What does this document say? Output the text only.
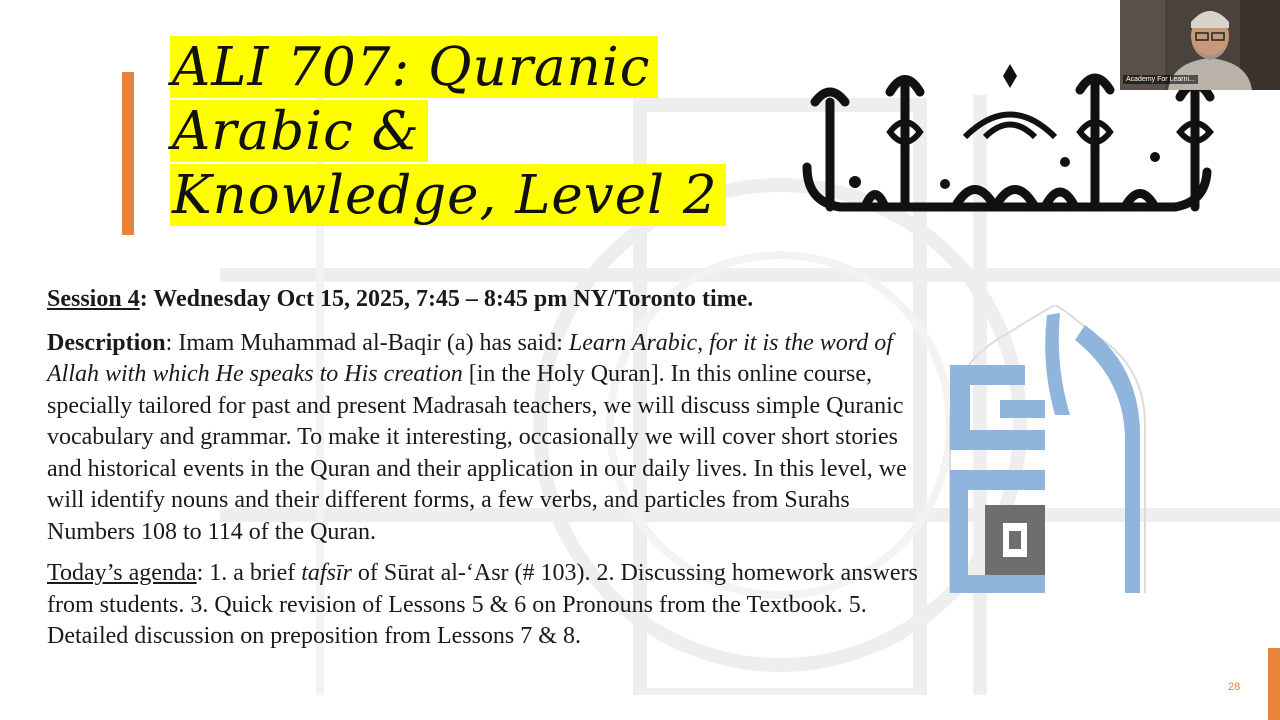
ALI 707: Quranic
Arabic &
Knowledge, Level 2

Session 4: Wednesday Oct 15, 2025, 7:45 – 8:45 pm NY/Toronto time.

Description: Imam Muhammad al-Baqir (a) has said: Learn Arabic, for it is the word of Allah with which He speaks to His creation [in the Holy Quran]. In this online course, specially tailored for past and present Madrasah teachers, we will discuss simple Quranic vocabulary and grammar. To make it interesting, occasionally we will cover short stories and historical events in the Quran and their application in our daily lives. In this level, we will identify nouns and their different forms, a few verbs, and particles from Surahs Numbers 108 to 114 of the Quran.

Today’s agenda: 1. a brief tafsīr of Sūrat al-‘Asr (# 103). 2. Discussing homework answers from students. 3. Quick revision of Lessons 5 & 6 on Pronouns from the Textbook. 5. Detailed discussion on preposition from Lessons 7 & 8.

Academy For Learni...
28
